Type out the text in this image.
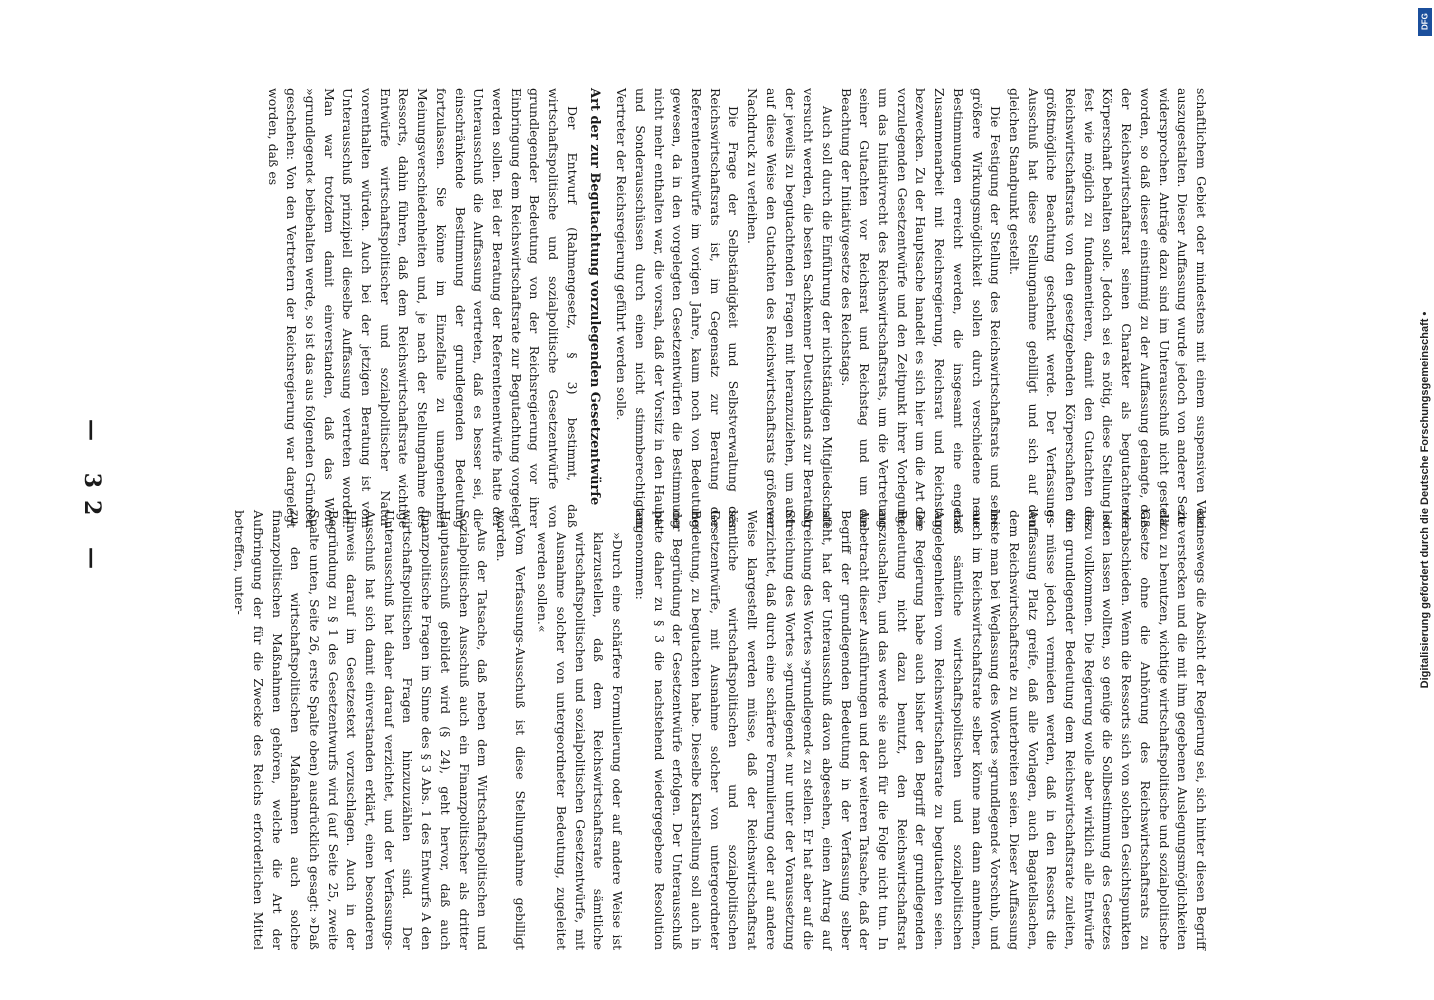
— 32 —	schaftlichem Gebiet oder mindestens mit einem suspensiven Veto auszugestalten. Dieser Auffassung wurde jedoch von anderer Seite widersprochen. Anträge dazu sind im Unterausschuß nicht gestellt worden, so daß dieser einstimmig zu der Auffassung gelangte, daß der Reichswirtschaftsrat seinen Charakter als begutachtende Körperschaft behalten solle. Jedoch sei es nötig, diese Stellung so fest wie möglich zu fundamentieren, damit den Gutachten des Reichswirtschaftsrats von den gesetzgebenden Körperschaften die größtmögliche Beachtung geschenkt werde. Der Verfassungs-Ausschuß hat diese Stellungnahme gebilligt und sich auf den gleichen Standpunkt gestellt.

Die Festigung der Stellung des Reichswirtschaftsrats und seine größere Wirkungsmöglichkeit sollen durch verschiedene neue Bestimmungen erreicht werden, die insgesamt eine engere Zusammenarbeit mit Reichsregierung, Reichsrat und Reichstag bezwecken. Zu der Hauptsache handelt es sich hier um die Art der vorzulegenden Gesetzentwürfe und den Zeitpunkt ihrer Vorlegung, um das Initiativrecht des Reichswirtschaftsrats, um die Vertretung seiner Gutachten vor Reichsrat und Reichstag und um die Beachtung der Initiativgesetze des Reichstags.

Auch soll durch die Einführung der nichtständigen Mitgliedschaft versucht werden, die besten Sachkenner Deutschlands zur Beratung der jeweils zu begutachtenden Fragen mit heranzuziehen, um auch auf diese Weise den Gutachten des Reichswirtschaftsrats größeren Nachdruck zu verleihen.

Die Frage der Selbständigkeit und Selbstverwaltung des Reichswirtschaftsrats ist, im Gegensatz zur Beratung der Referentenentwürfe im vorigen Jahre, kaum noch von Bedeutung gewesen, da in den vorgelegten Gesetzentwürfen die Bestimmung nicht mehr enthalten war, die vorsah, daß der Vorsitz in den Haupt- und Sonderausschüssen durch einen nicht stimmberechtigten Vertreter der Reichsregierung geführt werden solle.

Art der zur Begutachtung vorzulegenden Gesetzentwürfe

Der Entwurf (Rahmengesetz, § 3) bestimmt, daß wirtschaftspolitische und sozialpolitische Gesetzentwürfe von grundlegender Bedeutung von der Reichsregierung vor ihrer Einbringung dem Reichswirtschaftsrate zur Begutachtung vorgelegt werden sollen. Bei der Beratung der Referentenentwürfe hatte der Unterausschuß die Auffassung vertreten, daß es besser sei, die einschränkende Bestimmung der grundlegenden Bedeutung fortzulassen. Sie könne im Einzelfalle zu unangenehmen Meinungsverschiedenheiten und, je nach der Stellungnahme des Ressorts, dahin führen, daß dem Reichswirtschaftsrate wichtige Entwürfe wirtschaftspolitischer und sozialpolitischer Natur vorenthalten würden. Auch bei der jetzigen Beratung ist vom Unterausschuß prinzipiell dieselbe Auffassung vertreten worden. Man war trotzdem damit einverstanden, daß das Wort »grundlegend« beibehalten werde, so ist das aus folgenden Gründen geschehen: Von den Vertretern der Reichsregierung war dargelegt worden, daß es

keineswegs die Absicht der Regierung sei, sich hinter diesen Begriff zu verstecken und die mit ihm gegebenen Auslegungsmöglichkeiten dazu zu benutzen, wichtige wirtschaftspolitische und sozialpolitische Gesetze ohne die Anhörung des Reichswirtschaftsrats zu verabschieden. Wenn die Ressorts sich von solchen Gesichtspunkten leiten lassen wollten, so genüge die Sollbestimmung des Gesetzes dazu vollkommen. Die Regierung wolle aber wirklich alle Entwürfe von grundlegender Bedeutung dem Reichswirtschaftsrate zuleiten, es müsse jedoch vermieden werden, daß in den Ressorts die Auffassung Platz greife, daß alle Vorlagen, auch Bagatellsachen, dem Reichswirtschaftsrate zu unterbreiten seien. Dieser Auffassung leiste man bei Weglassung des Wortes »grundlegend« Vorschub, und auch im Reichswirtschaftsrate selber könne man dann annehmen, daß sämtliche wirtschaftspolitischen und sozialpolitischen Angelegenheiten vom Reichswirtschaftsrate zu begutachten seien. Die Regierung habe auch bisher den Begriff der grundlegenden Bedeutung nicht dazu benutzt, den Reichswirtschaftsrat auszuschalten, und das werde sie auch für die Folge nicht tun. In Anbetracht dieser Ausführungen und der weiteren Tatsache, daß der Begriff der grundlegenden Bedeutung in der Verfassung selber steht, hat der Unterausschuß davon abgesehen, einen Antrag auf Streichung des Wortes »grundlegend« zu stellen. Er hat aber auf die Streichung des Wortes »grundlegend« nur unter der Voraussetzung verzichtet, daß durch eine schärfere Formulierung oder auf andere Weise klargestellt werden müsse, daß der Reichswirtschaftsrat sämtliche wirtschaftspolitischen und sozialpolitischen Gesetzentwürfe, mit Ausnahme solcher von untergeordneter Bedeutung, zu begutachten habe. Dieselbe Klarstellung soll auch in der Begründung der Gesetzentwürfe erfolgen. Der Unterausschuß hatte daher zu § 3 die nachstehend wiedergegebene Resolution angenommen:

»Durch eine schärfere Formulierung oder auf andere Weise ist klarzustellen, daß dem Reichswirtschaftsrate sämtliche wirtschaftspolitischen und sozialpolitischen Gesetzentwürfe, mit Ausnahme solcher von untergeordneter Bedeutung, zugeleitet werden sollen.«

Vom Verfassungs-Ausschuß ist diese Stellungnahme gebilligt worden.

Aus der Tatsache, daß neben dem Wirtschaftspolitischen und Sozialpolitischen Ausschuß auch ein Finanzpolitischer als dritter Hauptausschuß gebildet wird (§ 24), geht hervor, daß auch finanzpolitische Fragen im Sinne des § 3 Abs. 1 des Entwurfs A den wirtschaftspolitischen Fragen hinzuzuzählen sind. Der Unterausschuß hat daher darauf verzichtet, und der Verfassungs-Ausschuß hat sich damit einverstanden erklärt, einen besonderen Hinweis darauf im Gesetzestext vorzuschlagen. Auch in der Begründung zu § 1 des Gesetzentwurfs wird (auf Seite 25, zweite Spalte unten, Seite 26, erste Spalte oben) ausdrücklich gesagt: »Daß zu den wirtschaftspolitischen Maßnahmen auch solche finanzpolitischen Maßnahmen gehören, welche die Art der Aufbringung der für die Zwecke des Reichs erforderlichen Mittel betreffen, unter-	Digitalisierung gefördert durch die Deutsche Forschungsgemeinschaft •
DFG
